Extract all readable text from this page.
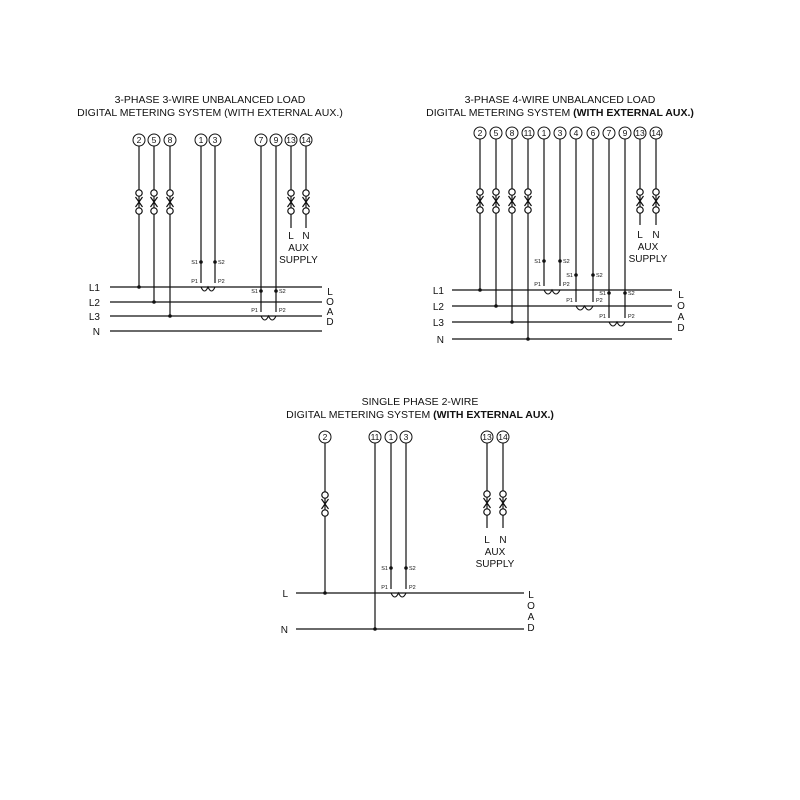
3-PHASE 3-WIRE UNBALANCED LOAD
DIGITAL METERING SYSTEM (WITH EXTERNAL AUX.)
3-PHASE 4-WIRE UNBALANCED LOAD
DIGITAL METERING SYSTEM (WITH EXTERNAL AUX.)
SINGLE PHASE 2-WIRE
DIGITAL METERING SYSTEM (WITH EXTERNAL AUX.)
2 5 8	1 3	7 9 13 14
L1
L2
L3
N
L
O
A
D
S1	S2
P1	P2
S1	S2
P1	P2
L N
AUX
SUPPLY
2 5 8 11 1 3 4 6 7 9 13 14
L1
L2
L3
N
L
O
A
D
S1	S2
P1	P2
S1	S2
P1	P2
S1	S2
P1	P2
L N
AUX
SUPPLY
2	11 1 3	13 14
L
N
L
O
A
D
S1	S2
P1	P2
L N
AUX
SUPPLY
